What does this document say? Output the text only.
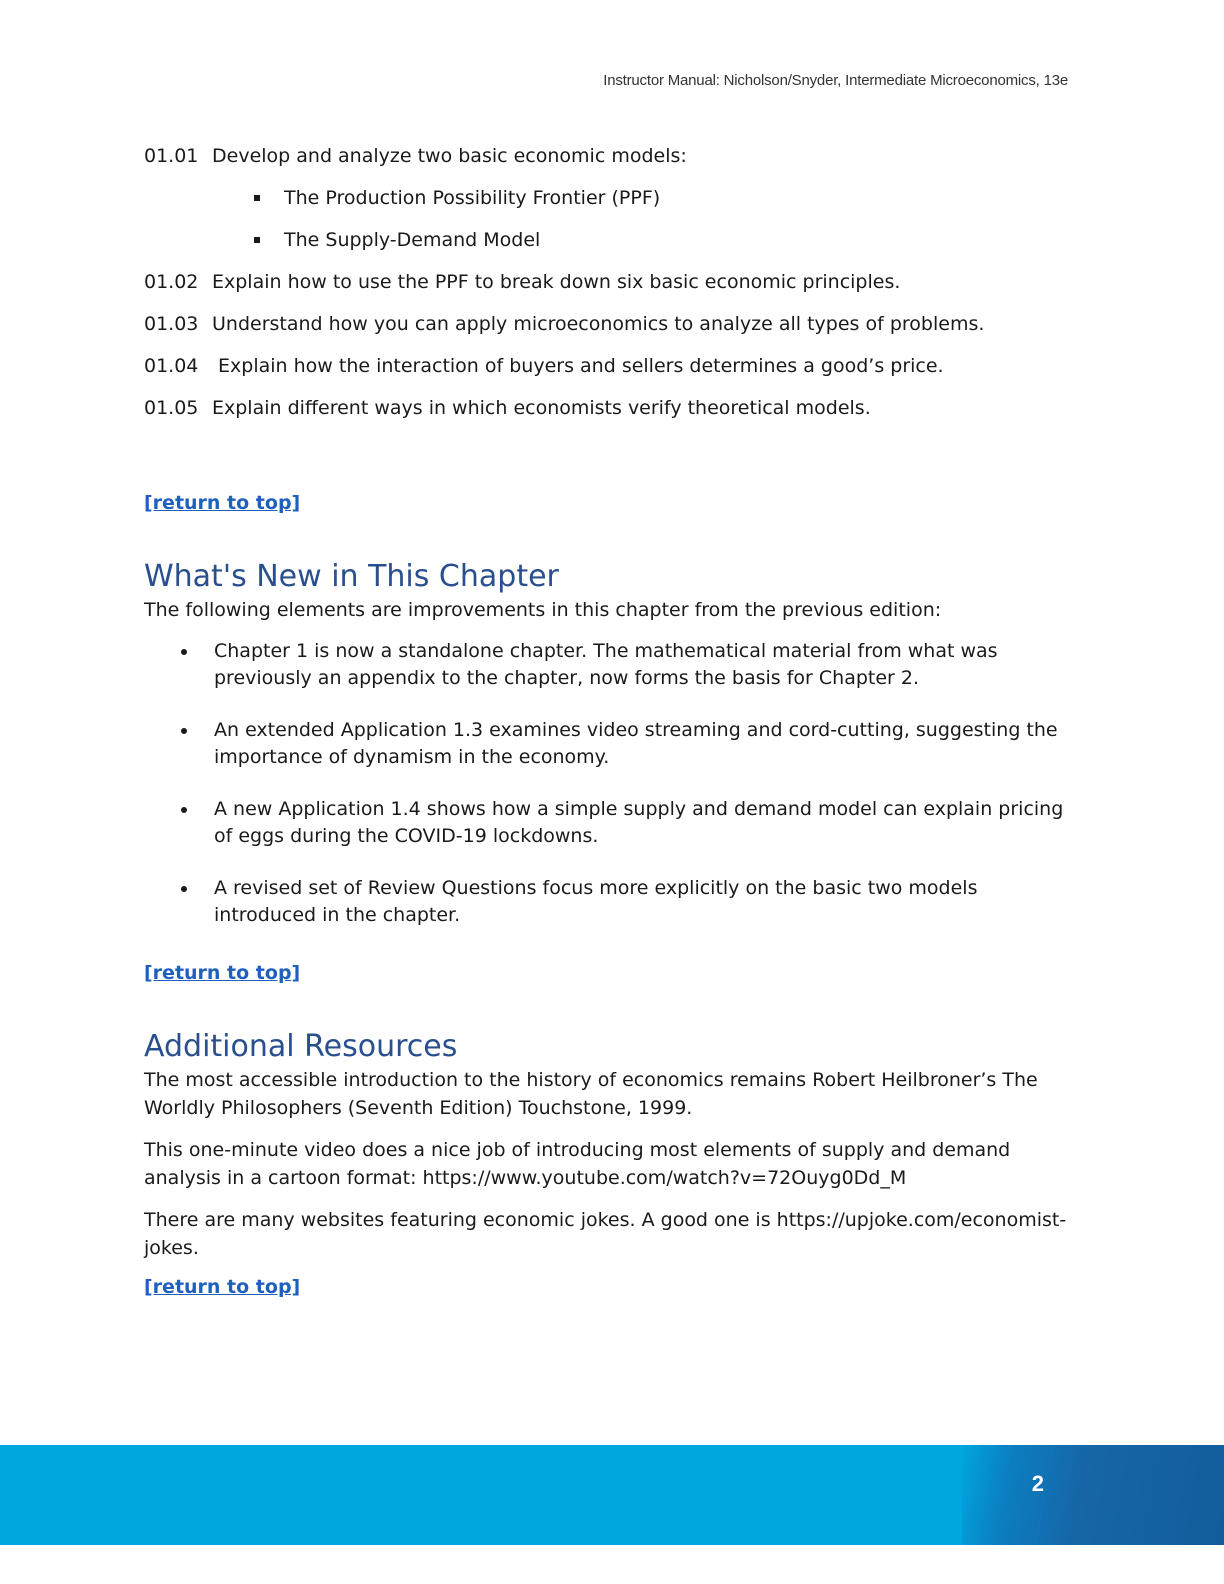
Instructor Manual: Nicholson/Snyder, Intermediate Microeconomics, 13e

01.01 Develop and analyze two basic economic models:

The Production Possibility Frontier (PPF)
The Supply-Demand Model

01.02 Explain how to use the PPF to break down six basic economic principles.

01.03 Understand how you can apply microeconomics to analyze all types of problems.

01.04 Explain how the interaction of buyers and sellers determines a good’s price.

01.05 Explain different ways in which economists verify theoretical models.

[return to top]
What's New in This Chapter

The following elements are improvements in this chapter from the previous edition:

Chapter 1 is now a standalone chapter. The mathematical material from what was previously an appendix to the chapter, now forms the basis for Chapter 2.
An extended Application 1.3 examines video streaming and cord-cutting, suggesting the importance of dynamism in the economy.
A new Application 1.4 shows how a simple supply and demand model can explain pricing of eggs during the COVID-19 lockdowns.
A revised set of Review Questions focus more explicitly on the basic two models introduced in the chapter.
[return to top]
Additional Resources

The most accessible introduction to the history of economics remains Robert Heilbroner’s The Worldly Philosophers (Seventh Edition) Touchstone, 1999.

This one-minute video does a nice job of introducing most elements of supply and demand analysis in a cartoon format: https://www.youtube.com/watch?v=72Ouyg0Dd_M

There are many websites featuring economic jokes. A good one is https://upjoke.com/economist-jokes.

[return to top]
2
